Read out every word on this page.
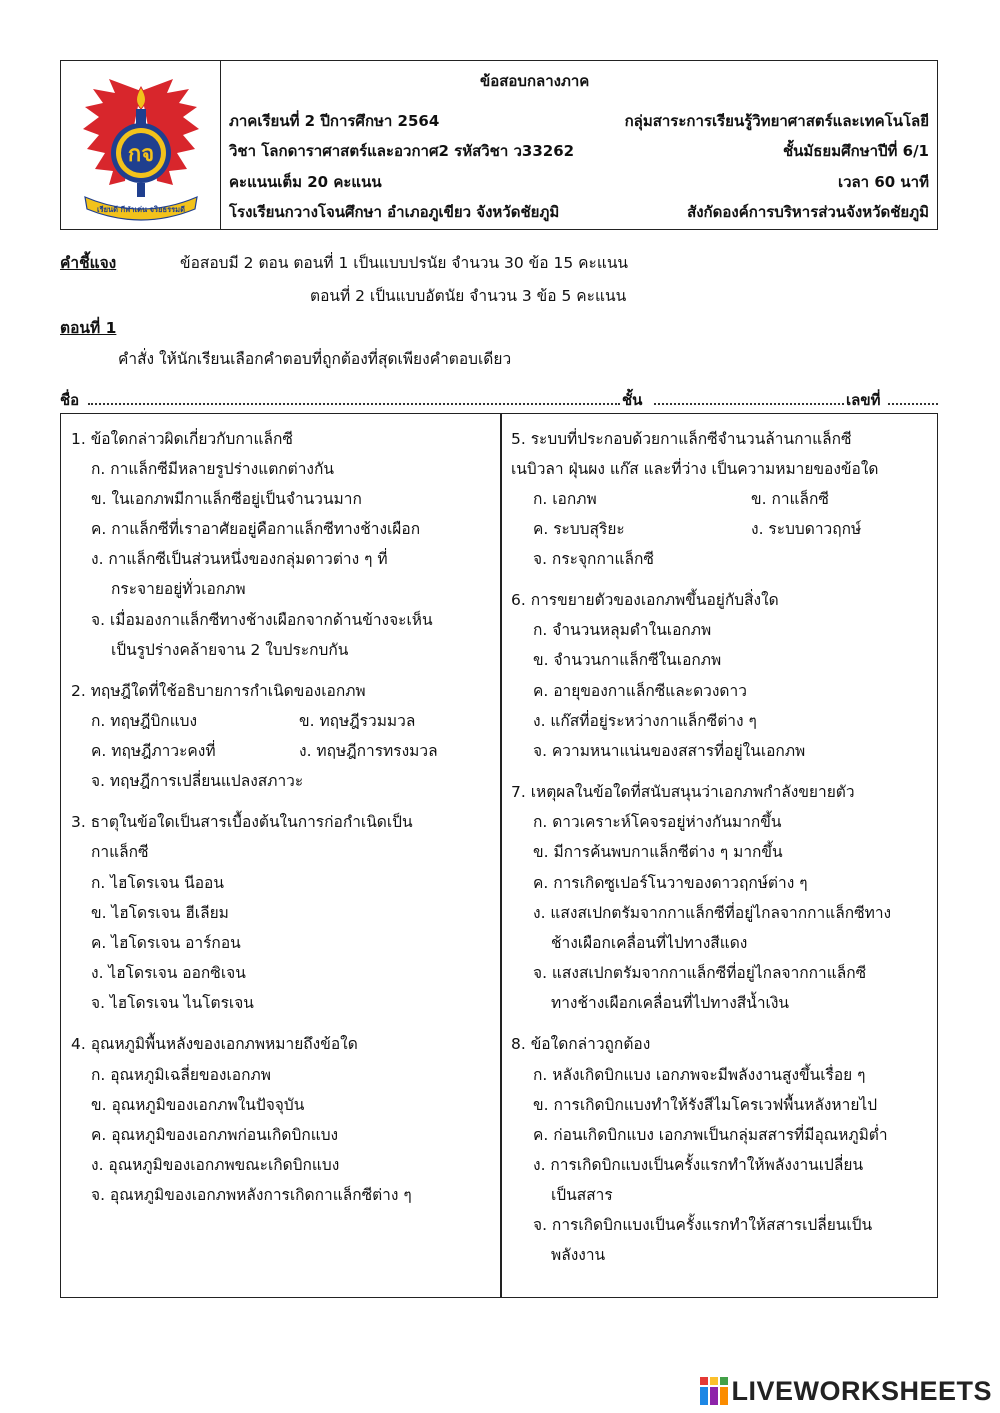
กจ
เรียนดี กีฬาเด่น จริยธรรมดี
ข้อสอบกลางภาค
ภาคเรียนที่ 2 ปีการศึกษา 2564	กลุ่มสาระการเรียนรู้วิทยาศาสตร์และเทคโนโลยี
วิชา โลกดาราศาสตร์และอวกาศ2 รหัสวิชา ว33262	ชั้นมัธยมศึกษาปีที่ 6/1
คะแนนเต็ม 20 คะแนน	เวลา 60 นาที
โรงเรียนกวางโจนศึกษา อำเภอภูเขียว จังหวัดชัยภูมิ	สังกัดองค์การบริหารส่วนจังหวัดชัยภูมิ
คำชี้แจง	ข้อสอบมี 2 ตอน ตอนที่ 1 เป็นแบบปรนัย จำนวน 30 ข้อ 15 คะแนน
ตอนที่ 2 เป็นแบบอัตนัย จำนวน 3 ข้อ 5 คะแนน
ตอนที่ 1
คำสั่ง ให้นักเรียนเลือกคำตอบที่ถูกต้องที่สุดเพียงคำตอบเดียว
ชื่อ	ชั้น	เลขที่
1. ข้อใดกล่าวผิดเกี่ยวกับกาแล็กซี
ก. กาแล็กซีมีหลายรูปร่างแตกต่างกัน
ข. ในเอกภพมีกาแล็กซีอยู่เป็นจำนวนมาก
ค. กาแล็กซีที่เราอาศัยอยู่คือกาแล็กซีทางช้างเผือก
ง. กาแล็กซีเป็นส่วนหนึ่งของกลุ่มดาวต่าง ๆ ที่
กระจายอยู่ทั่วเอกภพ
จ. เมื่อมองกาแล็กซีทางช้างเผือกจากด้านข้างจะเห็น
เป็นรูปร่างคล้ายจาน 2 ใบประกบกัน
2. ทฤษฎีใดที่ใช้อธิบายการกำเนิดของเอกภพ
ก. ทฤษฎีบิกแบง	ข. ทฤษฎีรวมมวล
ค. ทฤษฎีภาวะคงที่	ง. ทฤษฎีการทรงมวล
จ. ทฤษฎีการเปลี่ยนแปลงสภาวะ
3. ธาตุในข้อใดเป็นสารเบื้องต้นในการก่อกำเนิดเป็น
กาแล็กซี
ก. ไฮโดรเจน นีออน
ข. ไฮโดรเจน ฮีเลียม
ค. ไฮโดรเจน อาร์กอน
ง. ไฮโดรเจน ออกซิเจน
จ. ไฮโดรเจน ไนโตรเจน
4. อุณหภูมิพื้นหลังของเอกภพหมายถึงข้อใด
ก. อุณหภูมิเฉลี่ยของเอกภพ
ข. อุณหภูมิของเอกภพในปัจจุบัน
ค. อุณหภูมิของเอกภพก่อนเกิดบิกแบง
ง. อุณหภูมิของเอกภพขณะเกิดบิกแบง
จ. อุณหภูมิของเอกภพหลังการเกิดกาแล็กซีต่าง ๆ
5. ระบบที่ประกอบด้วยกาแล็กซีจำนวนล้านกาแล็กซี
เนบิวลา ฝุ่นผง แก๊ส และที่ว่าง เป็นความหมายของข้อใด
ก. เอกภพ	ข. กาแล็กซี
ค. ระบบสุริยะ	ง. ระบบดาวฤกษ์
จ. กระจุกกาแล็กซี
6. การขยายตัวของเอกภพขึ้นอยู่กับสิ่งใด
ก. จำนวนหลุมดำในเอกภพ
ข. จำนวนกาแล็กซีในเอกภพ
ค. อายุของกาแล็กซีและดวงดาว
ง. แก๊สที่อยู่ระหว่างกาแล็กซีต่าง ๆ
จ. ความหนาแน่นของสสารที่อยู่ในเอกภพ
7. เหตุผลในข้อใดที่สนับสนุนว่าเอกภพกำลังขยายตัว
ก. ดาวเคราะห์โคจรอยู่ห่างกันมากขึ้น
ข. มีการค้นพบกาแล็กซีต่าง ๆ มากขึ้น
ค. การเกิดซูเปอร์โนวาของดาวฤกษ์ต่าง ๆ
ง. แสงสเปกตรัมจากกาแล็กซีที่อยู่ไกลจากกาแล็กซีทาง
ช้างเผือกเคลื่อนที่ไปทางสีแดง
จ. แสงสเปกตรัมจากกาแล็กซีที่อยู่ไกลจากกาแล็กซี
ทางช้างเผือกเคลื่อนที่ไปทางสีน้ำเงิน
8. ข้อใดกล่าวถูกต้อง
ก. หลังเกิดบิกแบง เอกภพจะมีพลังงานสูงขึ้นเรื่อย ๆ
ข. การเกิดบิกแบงทำให้รังสีไมโครเวฟพื้นหลังหายไป
ค. ก่อนเกิดบิกแบง เอกภพเป็นกลุ่มสสารที่มีอุณหภูมิต่ำ
ง. การเกิดบิกแบงเป็นครั้งแรกทำให้พลังงานเปลี่ยน
เป็นสสาร
จ. การเกิดบิกแบงเป็นครั้งแรกทำให้สสารเปลี่ยนเป็น
พลังงาน
LIVEWORKSHEETS
